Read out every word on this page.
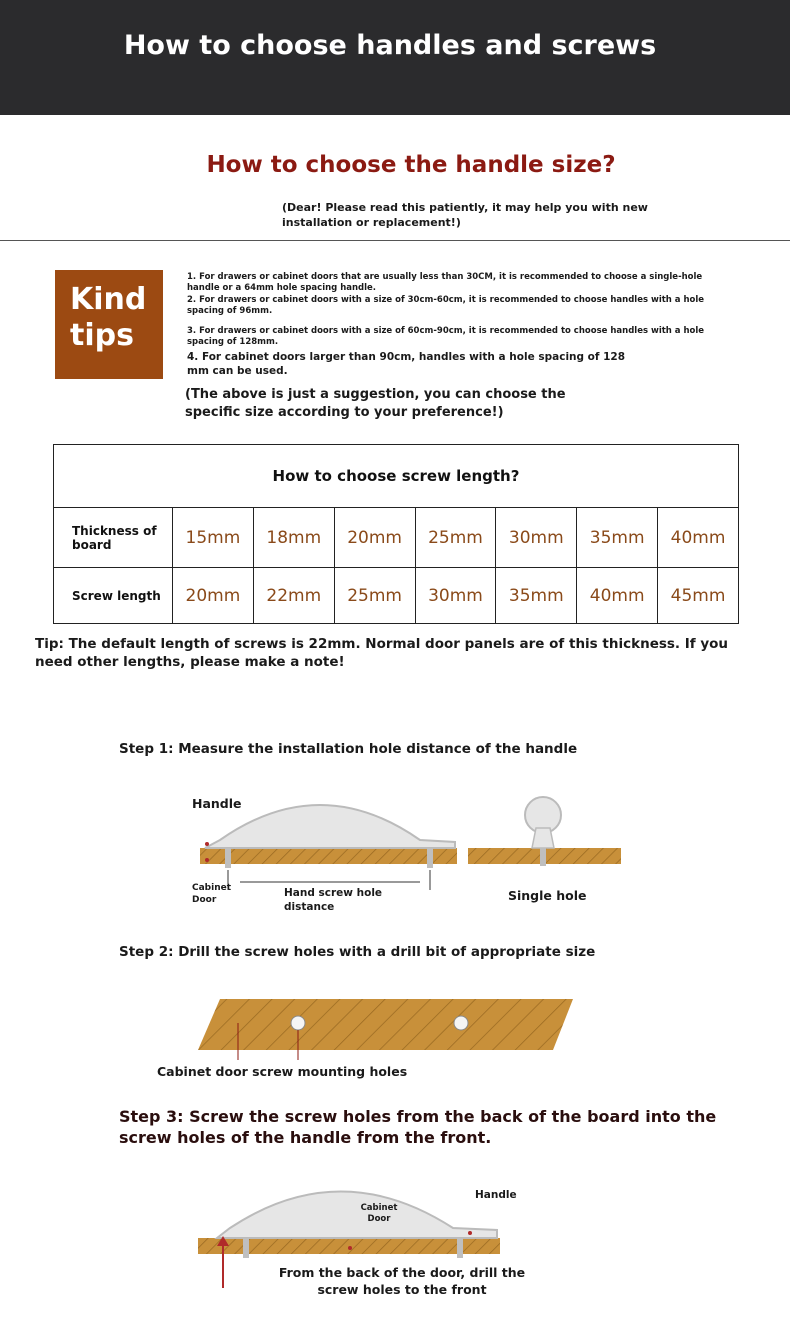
How to choose handles and screws
How to choose the handle size?
(Dear! Please read this patiently, it may help you with new installation or replacement!)
Kind
tips
1. For drawers or cabinet doors that are usually less than 30CM, it is recommended to choose a single-hole handle or a 64mm hole spacing handle.
2. For drawers or cabinet doors with a size of 30cm-60cm, it is recommended to choose handles with a hole spacing of 96mm.
3. For drawers or cabinet doors with a size of 60cm-90cm, it is recommended to choose handles with a hole spacing of 128mm.
4. For cabinet doors larger than 90cm, handles with a hole spacing of 128 mm can be used.
(The above is just a suggestion, you can choose the specific size according to your preference!)
How to choose screw length?							
Thickness of board	15mm	18mm	20mm	25mm	30mm	35mm	40mm
Screw length	20mm	22mm	25mm	30mm	35mm	40mm	45mm
Tip: The default length of screws is 22mm. Normal door panels are of this thickness. If you need other lengths, please make a note!
Step 1: Measure the installation hole distance of the handle
Handle
Cabinet
Door
Hand screw hole
distance
Single hole
Step 2: Drill the screw holes with a drill bit of appropriate size
Cabinet door screw mounting holes
Step 3: Screw the screw holes from the back of the board into the screw holes of the handle from the front.
Handle
Cabinet
Door
From the back of the door, drill the screw holes to the front
